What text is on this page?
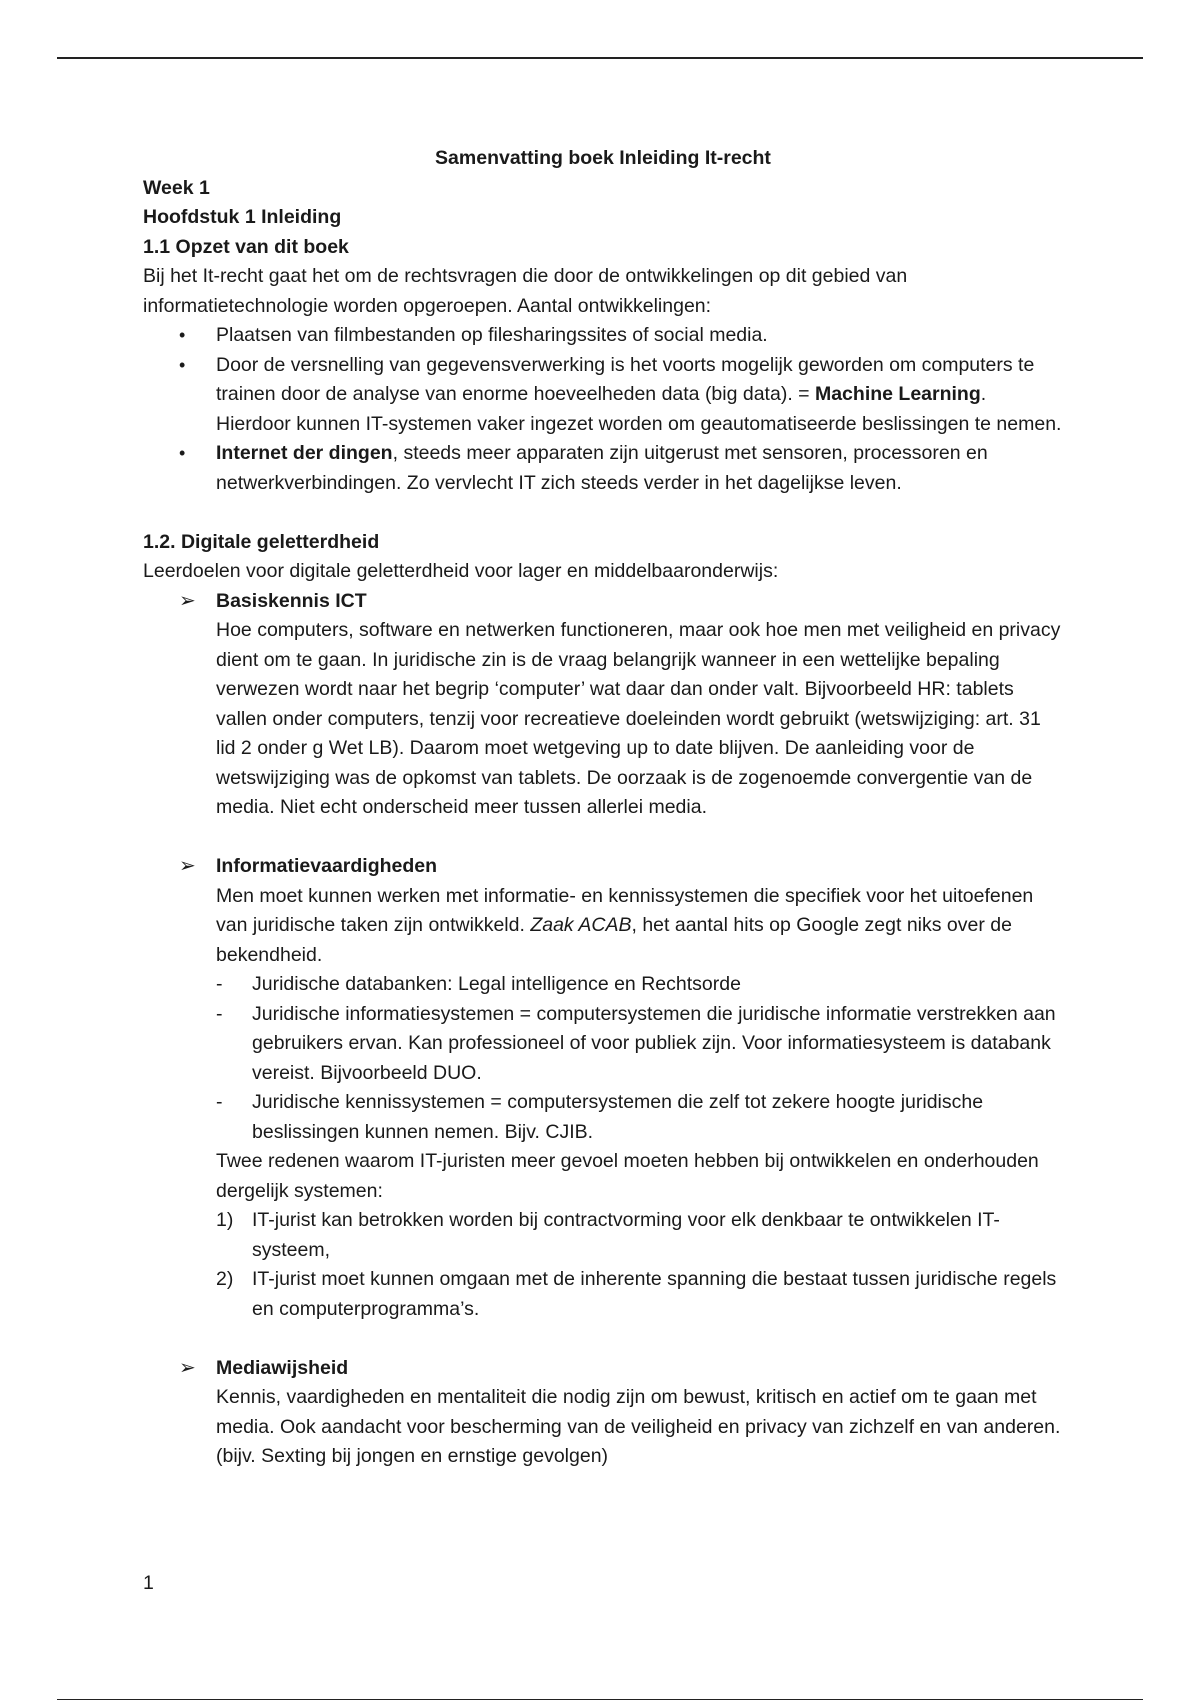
Samenvatting boek Inleiding It-recht

Week 1

Hoofdstuk 1 Inleiding

1.1 Opzet van dit boek

Bij het It-recht gaat het om de rechtsvragen die door de ontwikkelingen op dit gebied van informatietechnologie worden opgeroepen. Aantal ontwikkelingen:

• Plaatsen van filmbestanden op filesharingssites of social media.
• Door de versnelling van gegevensverwerking is het voorts mogelijk geworden om computers te trainen door de analyse van enorme hoeveelheden data (big data). = Machine Learning. Hierdoor kunnen IT-systemen vaker ingezet worden om geautomatiseerde beslissingen te nemen.
• Internet der dingen, steeds meer apparaten zijn uitgerust met sensoren, processoren en netwerkverbindingen. Zo vervlecht IT zich steeds verder in het dagelijkse leven.

1.2. Digitale geletterdheid

Leerdoelen voor digitale geletterdheid voor lager en middelbaaronderwijs:

➢ Basiskennis ICT

Hoe computers, software en netwerken functioneren, maar ook hoe men met veiligheid en privacy dient om te gaan. In juridische zin is de vraag belangrijk wanneer in een wettelijke bepaling verwezen wordt naar het begrip ‘computer’ wat daar dan onder valt. Bijvoorbeeld HR: tablets vallen onder computers, tenzij voor recreatieve doeleinden wordt gebruikt (wetswijziging: art. 31 lid 2 onder g Wet LB). Daarom moet wetgeving up to date blijven. De aanleiding voor de wetswijziging was de opkomst van tablets. De oorzaak is de zogenoemde convergentie van de media. Niet echt onderscheid meer tussen allerlei media.

➢ Informatievaardigheden

Men moet kunnen werken met informatie- en kennissystemen die specifiek voor het uitoefenen van juridische taken zijn ontwikkeld. Zaak ACAB, het aantal hits op Google zegt niks over de bekendheid.

- Juridische databanken: Legal intelligence en Rechtsorde
- Juridische informatiesystemen = computersystemen die juridische informatie verstrekken aan gebruikers ervan. Kan professioneel of voor publiek zijn. Voor informatiesysteem is databank vereist. Bijvoorbeeld DUO.
- Juridische kennissystemen = computersystemen die zelf tot zekere hoogte juridische beslissingen kunnen nemen. Bijv. CJIB.

Twee redenen waarom IT-juristen meer gevoel moeten hebben bij ontwikkelen en onderhouden dergelijk systemen:

1) IT-jurist kan betrokken worden bij contractvorming voor elk denkbaar te ontwikkelen IT-systeem,
2) IT-jurist moet kunnen omgaan met de inherente spanning die bestaat tussen juridische regels en computerprogramma’s.
➢ Mediawijsheid

Kennis, vaardigheden en mentaliteit die nodig zijn om bewust, kritisch en actief om te gaan met media. Ook aandacht voor bescherming van de veiligheid en privacy van zichzelf en van anderen. (bijv. Sexting bij jongen en ernstige gevolgen)

1
